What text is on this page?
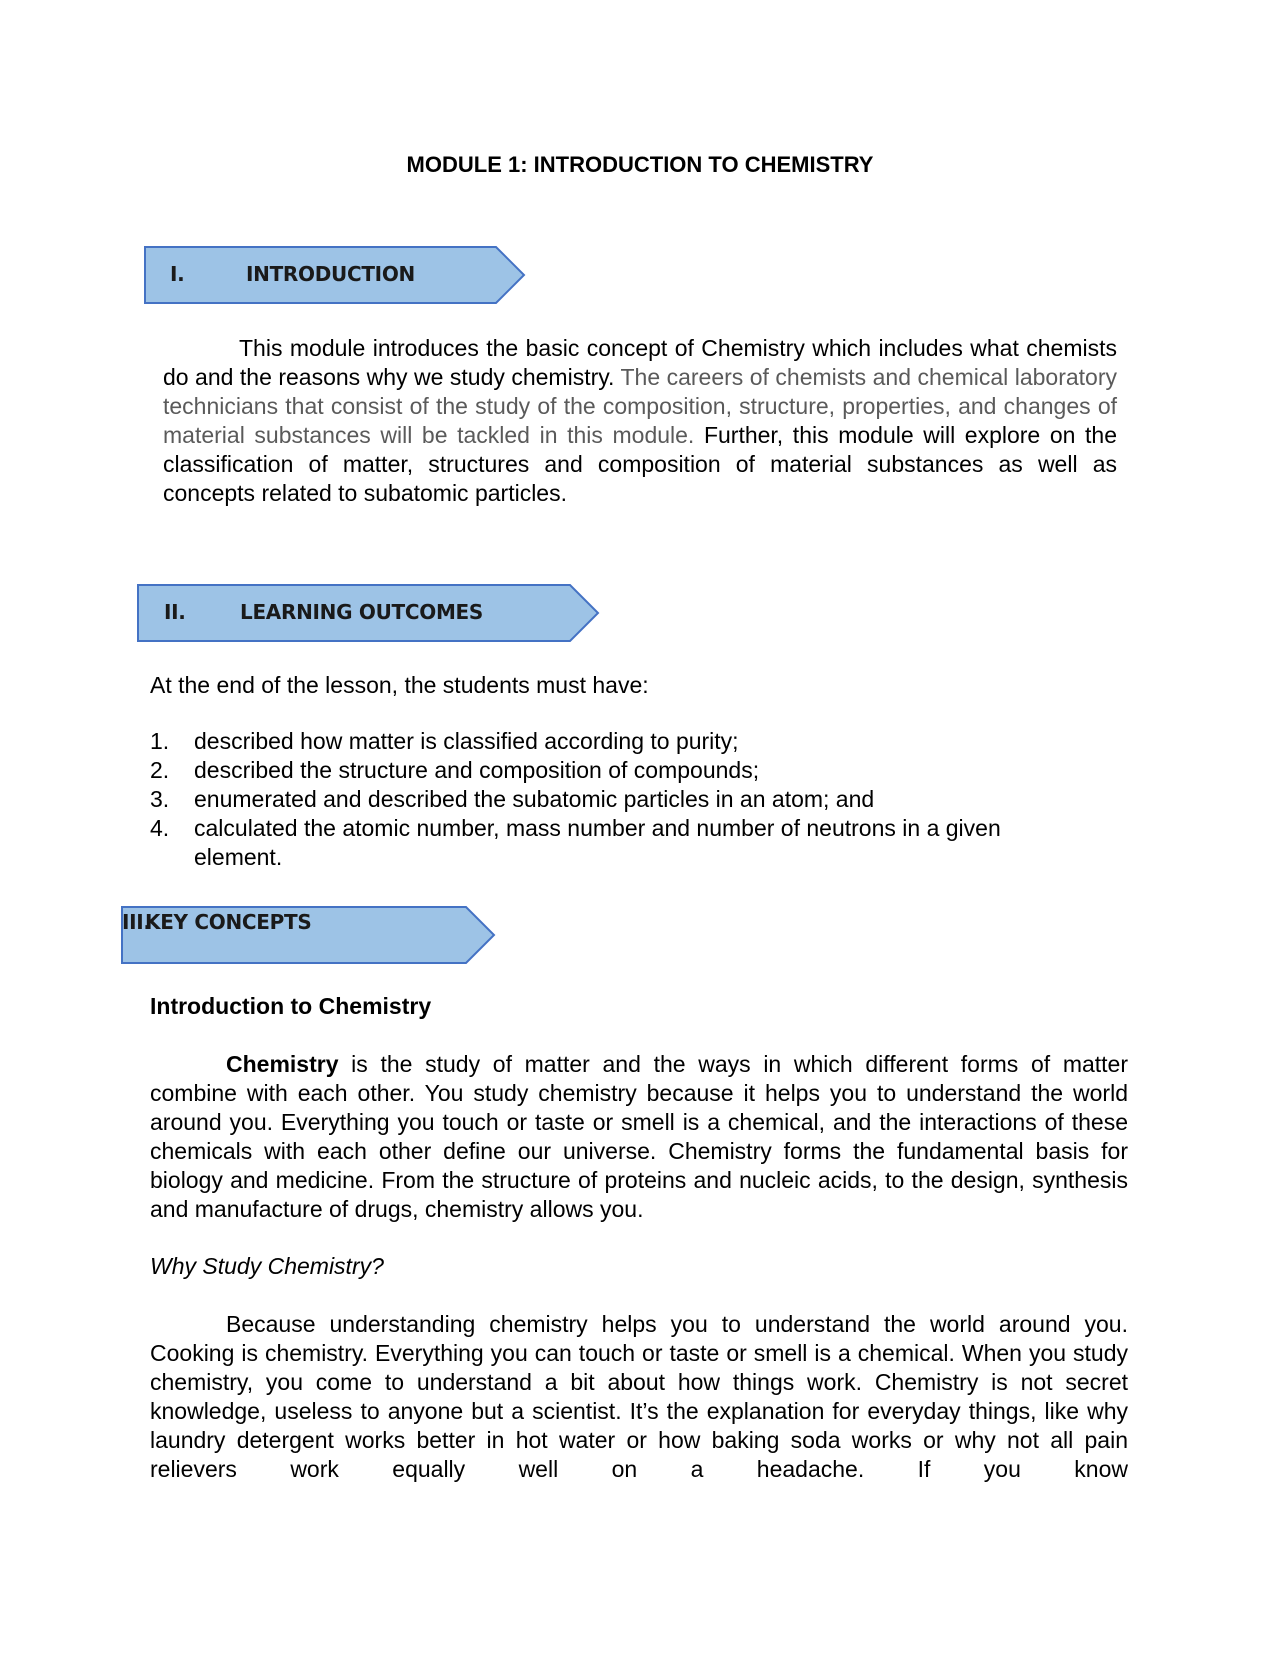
MODULE 1: INTRODUCTION TO CHEMISTRY
I.	INTRODUCTION
This module introduces the basic concept of Chemistry which includes what chemists do and the reasons why we study chemistry. The careers of chemists and chemical laboratory technicians that consist of the study of the composition, structure, properties, and changes of material substances will be tackled in this module. Further, this module will explore on the classification of matter, structures and composition of material substances as well as concepts related to subatomic particles.
II.	LEARNING OUTCOMES
At the end of the lesson, the students must have:
1. described how matter is classified according to purity;
2. described the structure and composition of compounds;
3. enumerated and described the subatomic particles in an atom; and
4. calculated the atomic number, mass number and number of neutrons in a given element.
III.
KEY CONCEPTS
Introduction to Chemistry
Chemistry is the study of matter and the ways in which different forms of matter combine with each other. You study chemistry because it helps you to understand the world around you. Everything you touch or taste or smell is a chemical, and the interactions of these chemicals with each other define our universe. Chemistry forms the fundamental basis for biology and medicine. From the structure of proteins and nucleic acids, to the design, synthesis and manufacture of drugs, chemistry allows you.
Why Study Chemistry?
Because understanding chemistry helps you to understand the world around you. Cooking is chemistry. Everything you can touch or taste or smell is a chemical. When you study chemistry, you come to understand a bit about how things work. Chemistry is not secret knowledge, useless to anyone but a scientist. It’s the explanation for everyday things, like why laundry detergent works better in hot water or how baking soda works or why not all pain relievers work equally well on a headache. If you know
